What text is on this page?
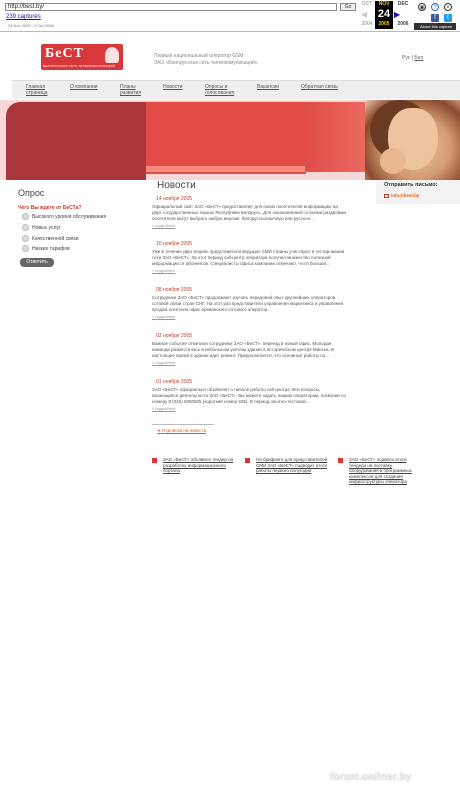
http://best.by/	Go
239 captures
24 Nov 2005 - 9 Oct 2006
OCT	NOV	DEC
◀ 24 ▶
2004	2005	2006
◉	?	×
f	t
About this capture
БеСТ
БЕЛОРУССКАЯ СЕТЬ ТЕЛЕКОММУНИКАЦИЙ
Первый национальный оператор GSM
ЗАО «Белорусская сеть телекоммуникаций»
Рус | Бел
Главная
страница
О компании	Планы
развития
Новости	Опросы и
голосования
Вакансии	Обратная связь
Опрос
Чего Вы ждете от БеСТа?
Высокого уровня обслуживания
Новых услуг
Качественной связи
Низких тарифов
Ответить
Новости
14 ноября 2005
Официальный сайт ЗАО «БеСТ» предоставляет для своих посетителей информацию на двух государственных языках Республики Беларусь. Для ознакомления со всеми разделами посетители могут выбрать любую версию: белорусскоязычную или русскоя...
» подробнее
10 ноября 2005
Уже в течение двух недель представители ведущих СМИ страны участвуют в тестировании сети ЗАО «БеСТ». За этот период call-центр оператора получил множество полезной информации от абонентов. Специалисты офиса компании отмечают, что в больши...
» подробнее
08 ноября 2005
Сотрудники ЗАО «БеСТ» продолжают изучать передовой опыт крупнейших операторов сотовой связи стран СНГ. На этот раз представители управления маркетинга и управления продаж посетили офис ереванского сотового оператор...
» подробнее
03 ноября 2005
Важное событие отметили сотрудники ЗАО «БеСТ»: переезд в новый офис. Молодая команда разместилась в небольшом уютном здании в историческом центре Минска. В настоящее время в здании идет ремонт. Предполагается, что основные работы по...
» подробнее
01 ноября 2005
ЗАО «БеСТ» официально объявляет о начале работы call-центра. Все вопросы, касающиеся деятельности ЗАО «БеСТ», Вы можете задать нашим операторам, позвонив по номеру 8 (025) 5050505 (короткий номер 505). В период опытно-тестовой...
» подробнее
➔ Подписка на новости
Отправить письмо:
info@best.by
ЗАО «БеСТ» объявило тендер на разработку информационного портала
На брифинге для представителей СМИ ЗАО «БеСТ» подводит итоги работы первого полугодия
ЗАО «БеСТ» подвело итоги тендера на поставку оборудования и программных комплексов для создания инфраструктуры оператора
forum.onliner.by
